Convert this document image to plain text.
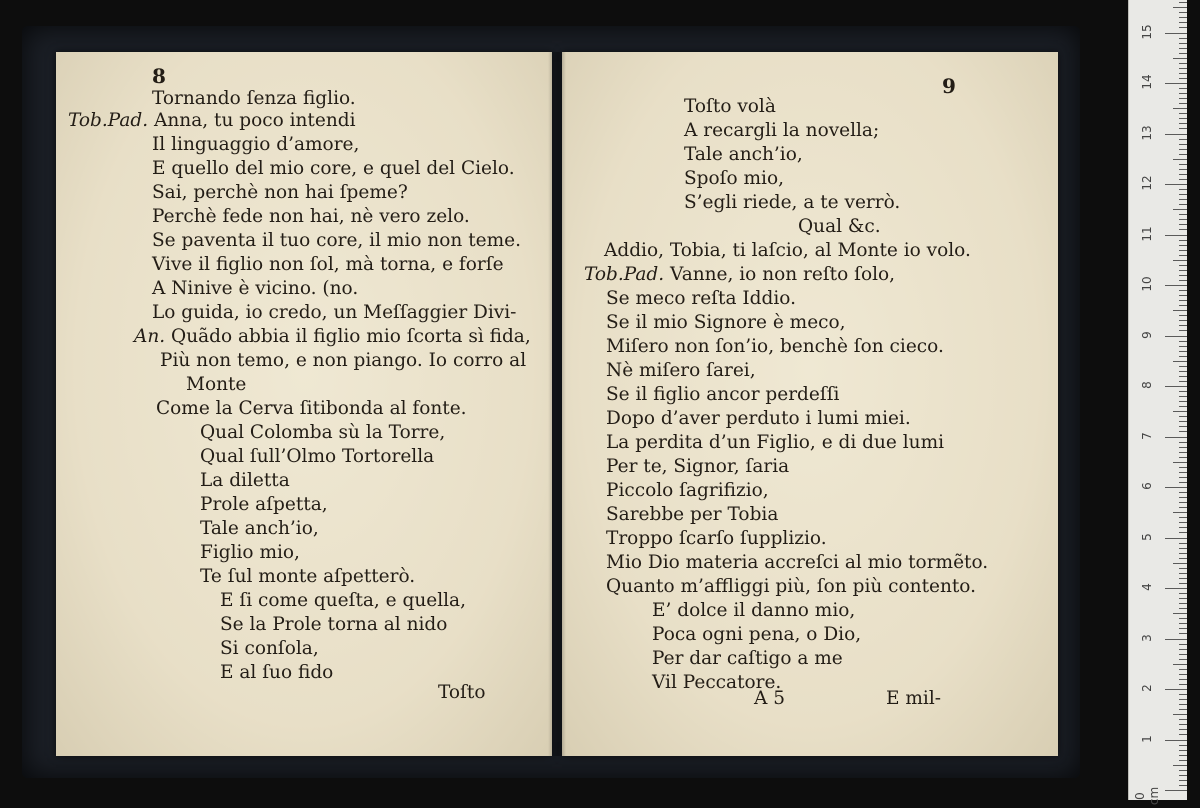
8
Tornando ſenza figlio.
Tob.Pad. Anna, tu poco intendi
Il linguaggio d’amore,
E quello del mio core, e quel del Cielo.
Sai, perchè non hai ſpeme?
Perchè fede non hai, nè vero zelo.
Se paventa il tuo core, il mio non teme.
Vive il figlio non ſol, mà torna, e forſe
A Ninive è vicino. (no.
Lo guida, io credo, un Meſſaggier Divi-
An. Quãdo abbia il figlio mio ſcorta sì fida,
Più non temo, e non piango. Io corro al
Monte
Come la Cerva ſitibonda al fonte.
Qual Colomba sù la Torre,
Qual ſull’Olmo Tortorella
La diletta
Prole aſpetta,
Tale anch’io,
Figlio mio,
Te ſul monte aſpetterò.
E ſi come queſta, e quella,
Se la Prole torna al nido
Si conſola,
E al ſuo fido
Toſto
9
Toſto volà
A recargli la novella;
Tale anch’io,
Spoſo mio,
S’egli riede, a te verrò.
Qual &c.
Addio, Tobia, ti laſcio, al Monte io volo.
Tob.Pad. Vanne, io non reſto ſolo,
Se meco reſta Iddio.
Se il mio Signore è meco,
Miſero non ſon’io, benchè ſon cieco.
Nè miſero ſarei,
Se il figlio ancor perdeſſi
Dopo d’aver perduto i lumi miei.
La perdita d’un Figlio, e di due lumi
Per te, Signor, ſaria
Piccolo ſagrifizio,
Sarebbe per Tobia
Troppo ſcarſo ſupplizio.
Mio Dio materia accreſci al mio tormẽto.
Quanto m’affliggi più, ſon più contento.
E’ dolce il danno mio,
Poca ogni pena, o Dio,
Per dar caſtigo a me
Vil Peccatore.
A 5	E mil-
0 cm
1
2
3
4
5
6
7
8
9
10
11
12
13
14
15
